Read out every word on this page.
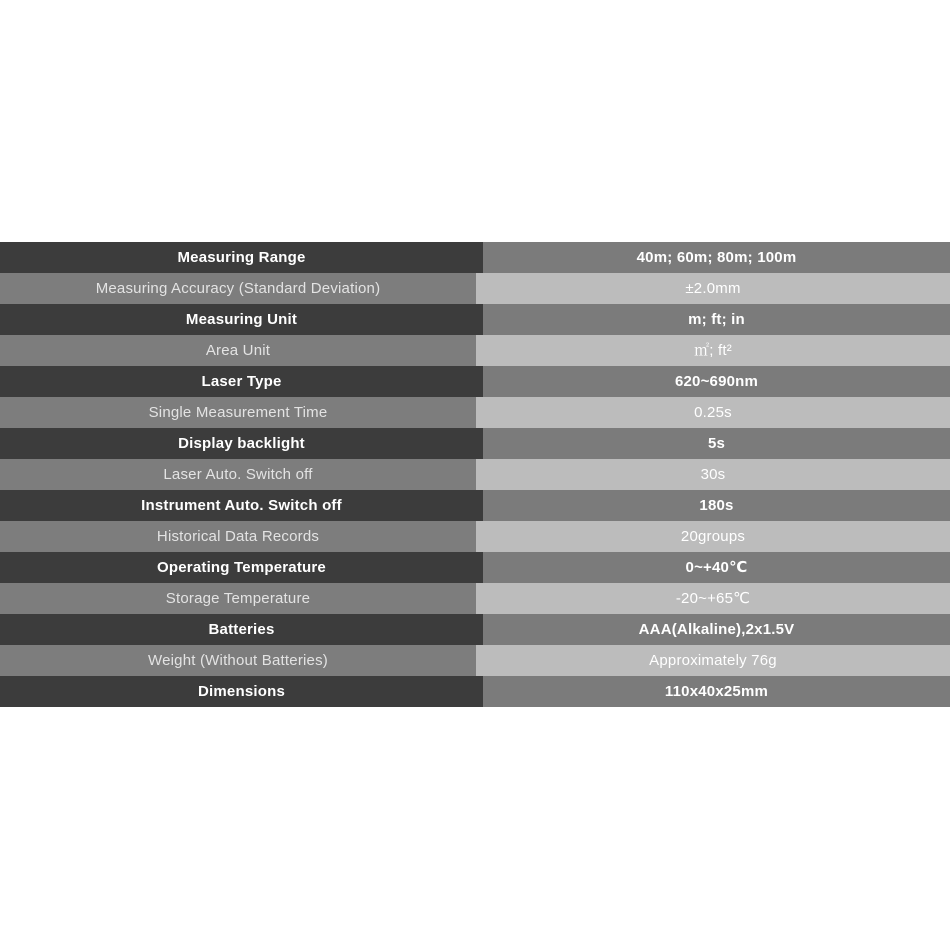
Measuring Range	40m; 60m; 80m; 100m
Measuring Accuracy (Standard Deviation)	±2.0mm
Measuring Unit	m; ft; in
Area Unit	㎡; ft²
Laser Type	620~690nm
Single Measurement Time	0.25s
Display backlight	5s
Laser Auto. Switch off	30s
Instrument Auto. Switch off	180s
Historical Data Records	20groups
Operating Temperature	0~+40℃
Storage Temperature	-20~+65℃
Batteries	AAA(Alkaline),2x1.5V
Weight (Without Batteries)	Approximately 76g
Dimensions	110x40x25mm
